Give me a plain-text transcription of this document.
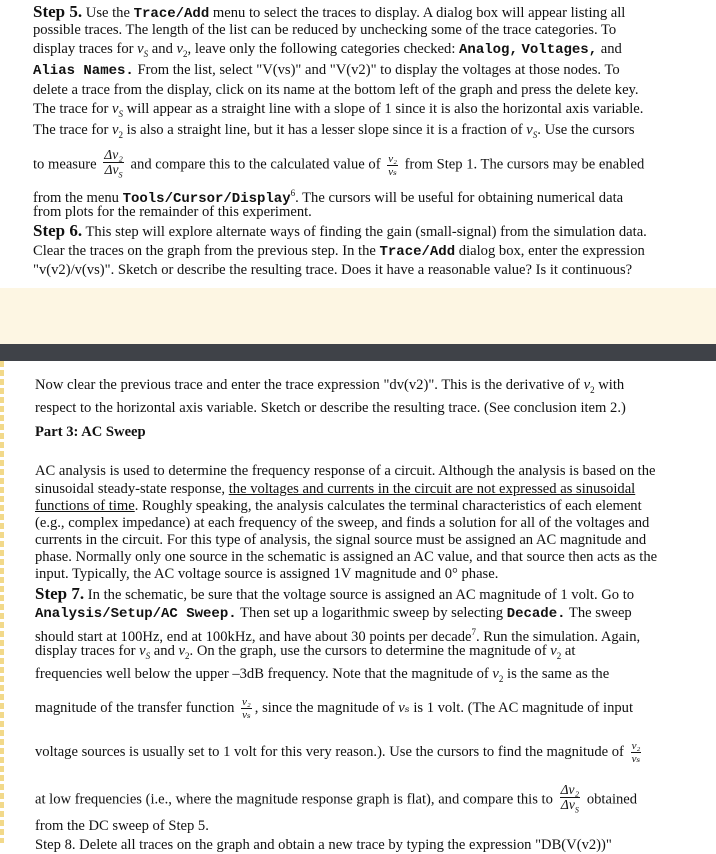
Step 5. Use the Trace/Add menu to select the traces to display. A dialog box will appear listing all
possible traces. The length of the list can be reduced by unchecking some of the trace categories. To
display traces for $v_S$ and $v_2$, leave only the following categories checked: Analog, Voltages, and
Alias Names. From the list, select "V(vs)" and "V(v2)" to display the voltages at those nodes. To
delete a trace from the display, click on its name at the bottom left of the graph and press the delete key.
The trace for $v_S$ will appear as a straight line with a slope of 1 since it is also the horizontal axis variable.
The trace for $v_2$ is also a straight line, but it has a lesser slope since it is a fraction of $v_S$. Use the cursors
to measure $\frac{\text{Δv₂}}{\Delta v_S}$ and compare this to the calculated value of $\frac{\text{v₂}}{\text{vₛ}}$ from Step 1. The cursors may be enabled
from the menu Tools/Cursor/Display$^6$. The cursors will be useful for obtaining numerical data
from plots for the remainder of this experiment.
Step 6. This step will explore alternate ways of finding the gain (small-signal) from the simulation data.
Clear the traces on the graph from the previous step. In the Trace/Add dialog box, enter the expression
"v(v2)/v(vs)". Sketch or describe the resulting trace. Does it have a reasonable value? Is it continuous?
Now clear the previous trace and enter the trace expression "dv(v2)". This is the derivative of $v_2$ with
respect to the horizontal axis variable. Sketch or describe the resulting trace. (See conclusion item 2.)
Part 3: AC Sweep
AC analysis is used to determine the frequency response of a circuit. Although the analysis is based on the
sinusoidal steady-state response, the voltages and currents in the circuit are not expressed as sinusoidal
functions of time. Roughly speaking, the analysis calculates the terminal characteristics of each element
(e.g., complex impedance) at each frequency of the sweep, and finds a solution for all of the voltages and
currents in the circuit. For this type of analysis, the signal source must be assigned an AC magnitude and
phase. Normally only one source in the schematic is assigned an AC value, and that source then acts as the
input. Typically, the AC voltage source is assigned 1V magnitude and 0° phase.
Step 7. In the schematic, be sure that the voltage source is assigned an AC magnitude of 1 volt. Go to
Analysis/Setup/AC Sweep. Then set up a logarithmic sweep by selecting Decade. The sweep
should start at 100Hz, end at 100kHz, and have about 30 points per decade$^7$. Run the simulation. Again,
display traces for $v_S$ and $v_2$. On the graph, use the cursors to determine the magnitude of $v_2$ at
frequencies well below the upper –3dB frequency. Note that the magnitude of $v_2$ is the same as the
magnitude of the transfer function $\frac{\text{v₂}}{\text{vₛ}}$ , since the magnitude of vₛ is 1 volt. (The AC magnitude of input
voltage sources is usually set to 1 volt for this very reason.). Use the cursors to find the magnitude of $\frac{\text{v₂}}{\text{vₛ}}$
at low frequencies (i.e., where the magnitude response graph is flat), and compare this to $\frac{\text{Δv₂}}{\Delta v_S}$ obtained
from the DC sweep of Step 5.
Step 8. Delete all traces on the graph and obtain a new trace by typing the expression "DB(V(v2))"
